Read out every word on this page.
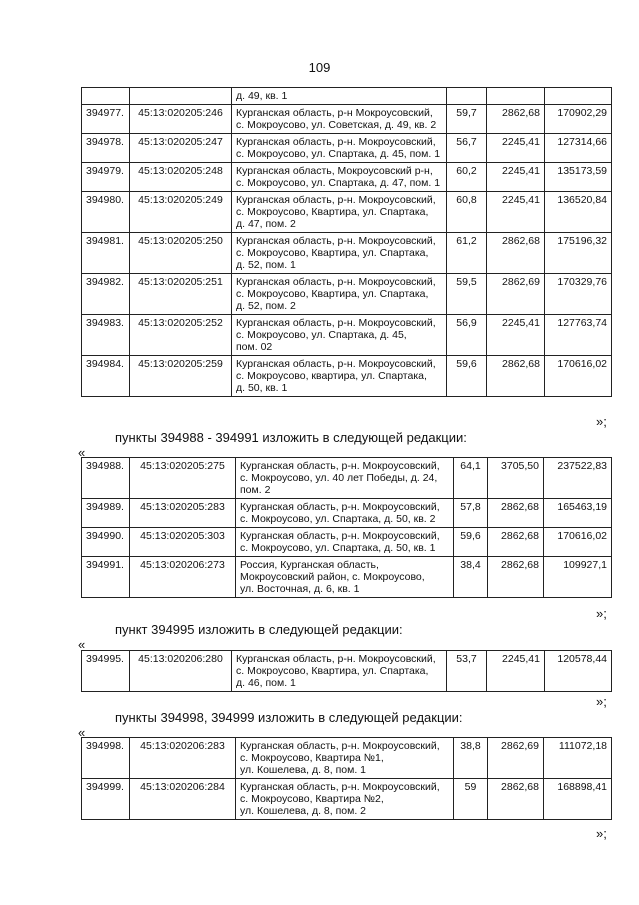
109

		д. 49, кв. 1			

394977.	45:13:020205:246	Курганская область, р-н Мокроусовский,
с. Мокроусово, ул. Советская, д. 49, кв. 2	59,7	2862,68	170902,29
394978.	45:13:020205:247	Курганская область, р-н. Мокроусовский,
с. Мокроусово, ул. Спартака, д. 45, пом. 1	56,7	2245,41	127314,66
394979.	45:13:020205:248	Курганская область, Мокроусовский р-н,
с. Мокроусово, ул. Спартака, д. 47, пом. 1	60,2	2245,41	135173,59
394980.	45:13:020205:249	Курганская область, р-н. Мокроусовский,
с. Мокроусово, Квартира, ул. Спартака,
д. 47, пом. 2	60,8	2245,41	136520,84
394981.	45:13:020205:250	Курганская область, р-н. Мокроусовский,
с. Мокроусово, Квартира, ул. Спартака,
д. 52, пом. 1	61,2	2862,68	175196,32
394982.	45:13:020205:251	Курганская область, р-н. Мокроусовский,
с. Мокроусово, Квартира, ул. Спартака,
д. 52, пом. 2	59,5	2862,69	170329,76
394983.	45:13:020205:252	Курганская область, р-н. Мокроусовский,
с. Мокроусово, ул. Спартака, д. 45,
пом. 02	56,9	2245,41	127763,74
394984.	45:13:020205:259	Курганская область, р-н. Мокроусовский,
с. Мокроусово, квартира, ул. Спартака,
д. 50, кв. 1	59,6	2862,68	170616,02
»;
пункты 394988 - 394991 изложить в следующей редакции:
«
394988.	45:13:020205:275	Курганская область, р-н. Мокроусовский,
с. Мокроусово, ул. 40 лет Победы, д. 24,
пом. 2	64,1	3705,50	237522,83
394989.	45:13:020205:283	Курганская область, р-н. Мокроусовский,
с. Мокроусово, ул. Спартака, д. 50, кв. 2	57,8	2862,68	165463,19
394990.	45:13:020205:303	Курганская область, р-н. Мокроусовский,
с. Мокроусово, ул. Спартака, д. 50, кв. 1	59,6	2862,68	170616,02
394991.	45:13:020206:273	Россия, Курганская область,
Мокроусовский район, с. Мокроусово,
ул. Восточная, д. 6, кв. 1	38,4	2862,68	109927,1
»;
пункт 394995 изложить в следующей редакции:
«
394995.	45:13:020206:280	Курганская область, р-н. Мокроусовский,
с. Мокроусово, Квартира, ул. Спартака,
д. 46, пом. 1
	53,7	2245,41	120578,44
»;
пункты 394998, 394999 изложить в следующей редакции:
«
394998.	45:13:020206:283	Курганская область, р-н. Мокроусовский,
с. Мокроусово, Квартира №1,
ул. Кошелева, д. 8, пом. 1	38,8	2862,69	111072,18
394999.	45:13:020206:284	Курганская область, р-н. Мокроусовский,
с. Мокроусово, Квартира №2,
ул. Кошелева, д. 8, пом. 2	59	2862,68	168898,41
»;
